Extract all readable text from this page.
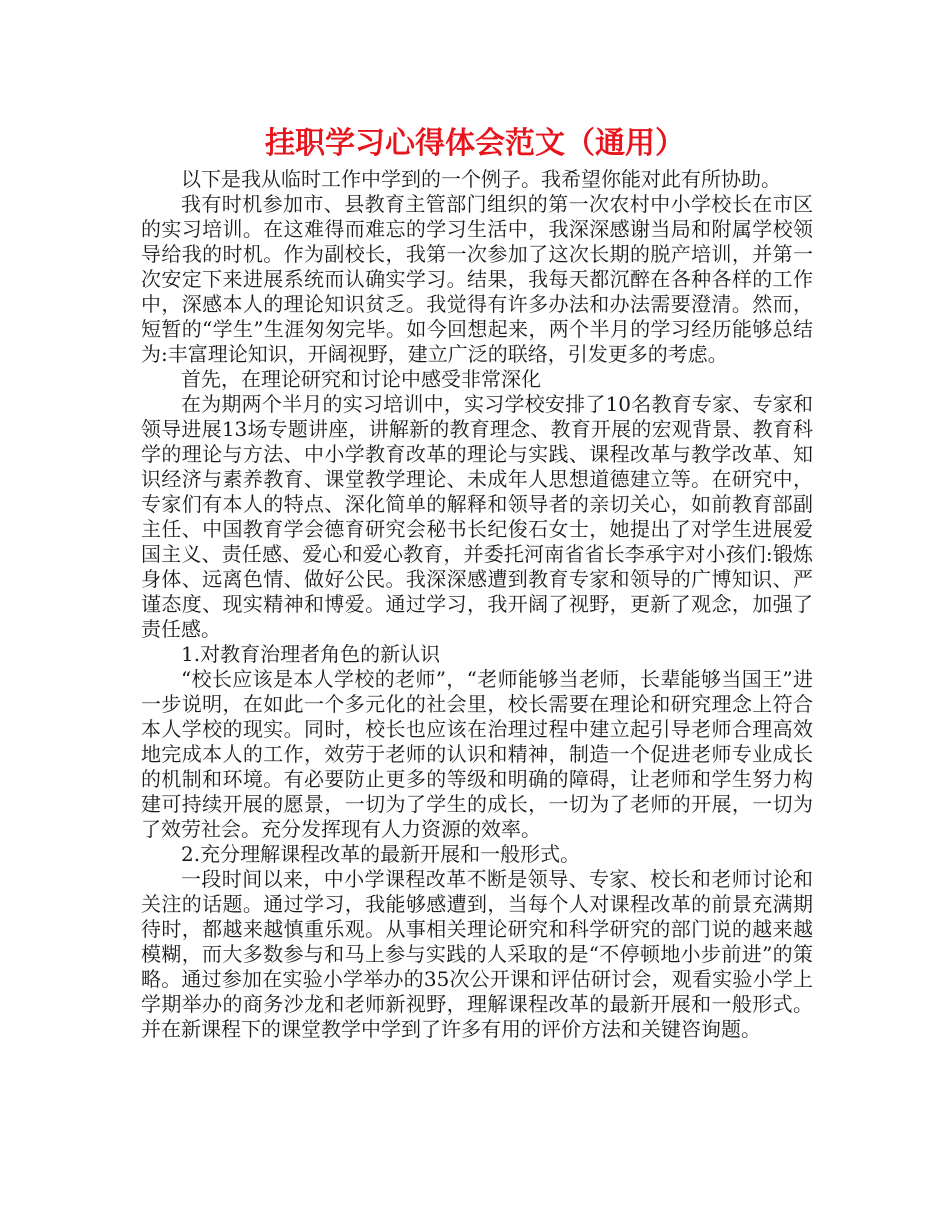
挂职学习心得体会范文（通用）

以下是我从临时工作中学到的一个例子。我希望你能对此有所协助。

我有时机参加市、县教育主管部门组织的第一次农村中小学校长在市区的实习培训。在这难得而难忘的学习生活中，我深深感谢当局和附属学校领导给我的时机。作为副校长，我第一次参加了这次长期的脱产培训，并第一次安定下来进展系统而认确实学习。结果，我每天都沉醉在各种各样的工作中，深感本人的理论知识贫乏。我觉得有许多办法和办法需要澄清。然而，短暂的“学生”生涯匆匆完毕。如今回想起来，两个半月的学习经历能够总结为:丰富理论知识，开阔视野，建立广泛的联络，引发更多的考虑。

首先，在理论研究和讨论中感受非常深化

在为期两个半月的实习培训中，实习学校安排了10名教育专家、专家和领导进展13场专题讲座，讲解新的教育理念、教育开展的宏观背景、教育科学的理论与方法、中小学教育改革的理论与实践、课程改革与教学改革、知识经济与素养教育、课堂教学理论、未成年人思想道德建立等。在研究中，专家们有本人的特点、深化简单的解释和领导者的亲切关心，如前教育部副主任、中国教育学会德育研究会秘书长纪俊石女士，她提出了对学生进展爱国主义、责任感、爱心和爱心教育，并委托河南省省长李承宇对小孩们:锻炼身体、远离色情、做好公民。我深深感遭到教育专家和领导的广博知识、严谨态度、现实精神和博爱。通过学习，我开阔了视野，更新了观念，加强了责任感。

1.对教育治理者角色的新认识

“校长应该是本人学校的老师”，“老师能够当老师，长辈能够当国王”进一步说明，在如此一个多元化的社会里，校长需要在理论和研究理念上符合本人学校的现实。同时，校长也应该在治理过程中建立起引导老师合理高效地完成本人的工作，效劳于老师的认识和精神，制造一个促进老师专业成长的机制和环境。有必要防止更多的等级和明确的障碍，让老师和学生努力构建可持续开展的愿景，一切为了学生的成长，一切为了老师的开展，一切为了效劳社会。充分发挥现有人力资源的效率。

2.充分理解课程改革的最新开展和一般形式。

一段时间以来，中小学课程改革不断是领导、专家、校长和老师讨论和关注的话题。通过学习，我能够感遭到，当每个人对课程改革的前景充满期待时，都越来越慎重乐观。从事相关理论研究和科学研究的部门说的越来越模糊，而大多数参与和马上参与实践的人采取的是“不停顿地小步前进”的策略。通过参加在实验小学举办的35次公开课和评估研讨会，观看实验小学上学期举办的商务沙龙和老师新视野，理解课程改革的最新开展和一般形式。并在新课程下的课堂教学中学到了许多有用的评价方法和关键咨询题。
